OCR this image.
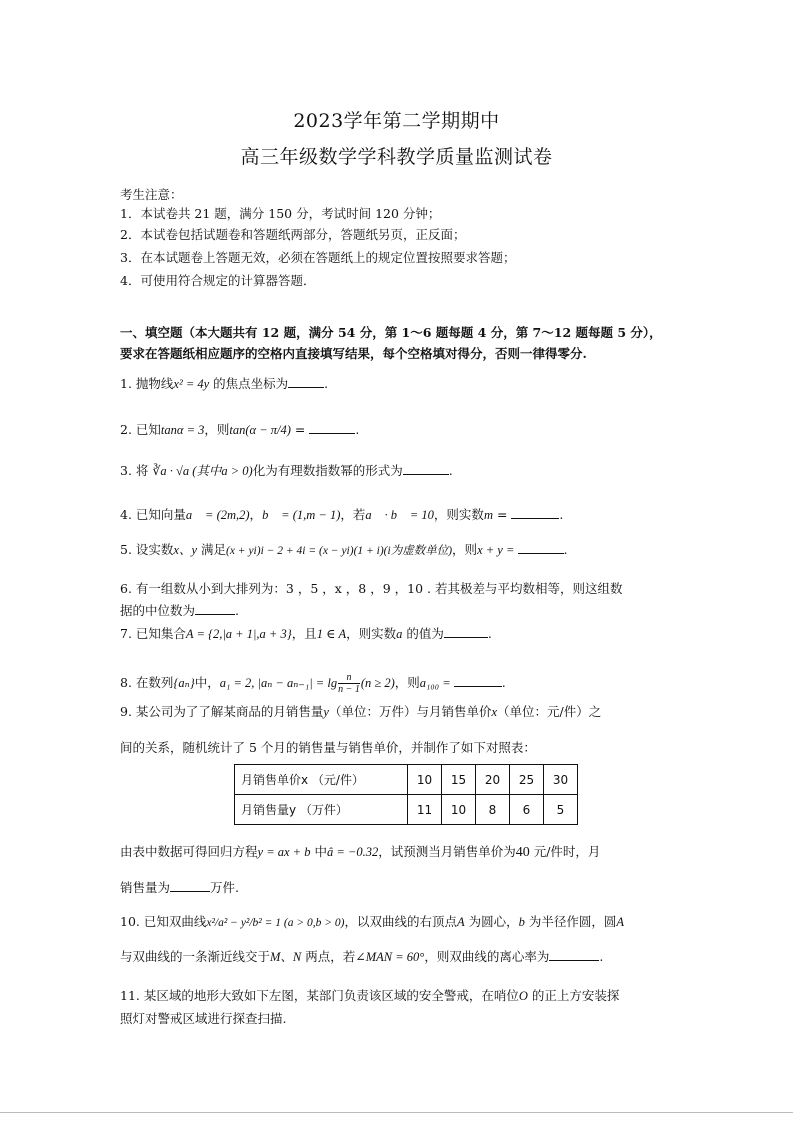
2023学年第二学期期中
高三年级数学学科教学质量监测试卷
考生注意：
1．本试卷共 21 题，满分 150 分，考试时间 120 分钟；
2．本试卷包括试题卷和答题纸两部分，答题纸另页，正反面；
3．在本试题卷上答题无效，必须在答题纸上的规定位置按照要求答题；
4．可使用符合规定的计算器答题．
一、填空题（本大题共有 12 题，满分 54 分，第 1～6 题每题 4 分，第 7～12 题每题 5 分），
要求在答题纸相应题序的空格内直接填写结果，每个空格填对得分，否则一律得零分.
1. 抛物线x² = 4y 的焦点坐标为	.
2. 已知tanα = 3，则tan(α − π/4) =	.
3. 将 ∛a · √a (其中a > 0)化为有理数指数幂的形式为	.
4. 已知向量a⃗ = (2m,2)，b⃗ = (1,m − 1)，若a⃗ · b⃗ = 10，则实数m =	.
5. 设实数x、y 满足(x + yi)i − 2 + 4i = (x − yi)(1 + i)(i为虚数单位)，则x + y =	.
6. 有一组数从小到大排列为：3 ，5 ，x ，8 ，9 ，10 . 若其极差与平均数相等，则这组数
据的中位数为	.
7. 已知集合A = {2,|a + 1|,a + 3}，且1 ∈ A，则实数a 的值为	.
8. 在数列{aₙ}中，a₁ = 2, $|a_n - a_{n-1}| = \lg \frac{n}{n - 1} (n \ge 2)$，则a₁₀₀ =	.
9. 某公司为了了解某商品的月销售量y（单位：万件）与月销售单价x（单位：元/件）之
间的关系，随机统计了 5 个月的销售量与销售单价，并制作了如下对照表：
月销售单价x （元/件）	10	15	20	25	30
月销售量y （万件）	11	10	8	6	5
由表中数据可得回归方程y = ax + b 中â = −0.32，试预测当月销售单价为40 元/件时，月
销售量为	万件.
10. 已知双曲线x²/a² − y²/b² = 1 (a > 0,b > 0)，以双曲线的右顶点A 为圆心，b 为半径作圆，圆A
与双曲线的一条渐近线交于M、N 两点，若∠MAN = 60°，则双曲线的离心率为	.
11. 某区域的地形大致如下左图，某部门负责该区域的安全警戒，在哨位O 的正上方安装探
照灯对警戒区域进行探查扫描.
